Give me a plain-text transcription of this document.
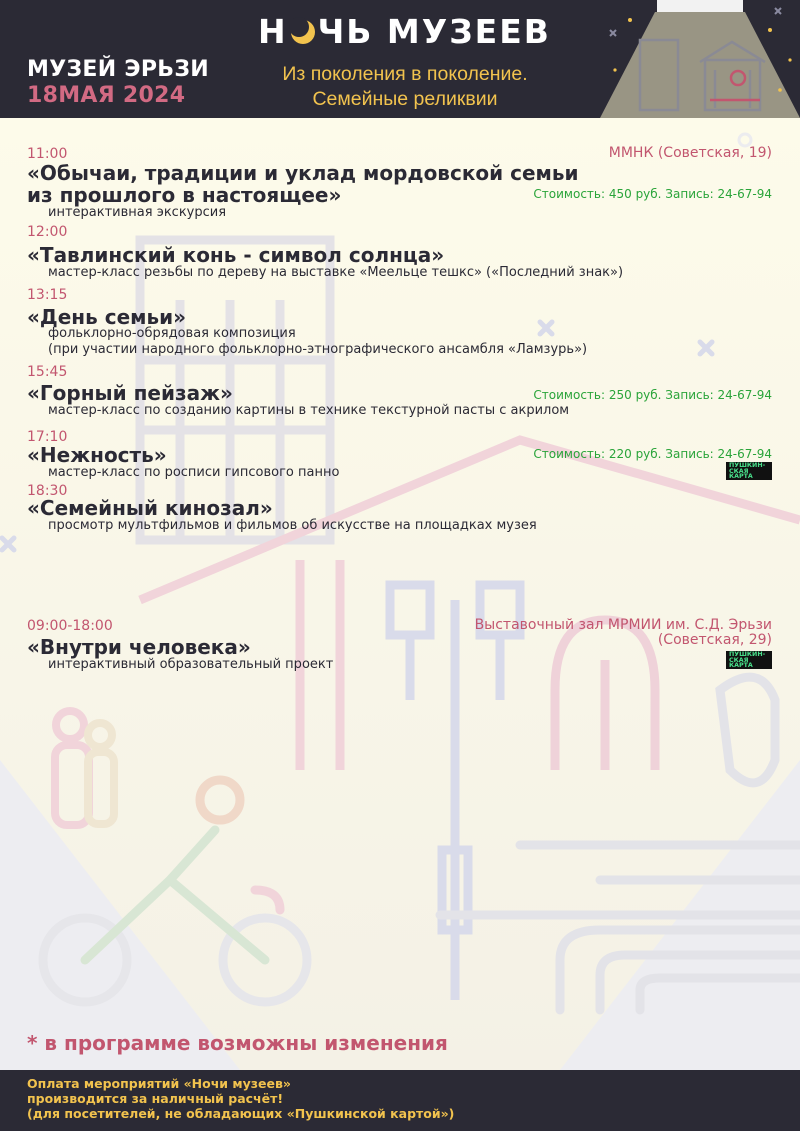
МУЗЕЙ ЭРЬЗИ
18МАЯ 2024
Н ЧЬ МУЗЕЕВ
Из поколения в поколение.
Семейные реликвии
ММНК (Советская, 19)
11:00
«Обычаи, традиции и уклад мордовской семьи
из прошлого в настоящее»	Стоимость: 450 руб. Запись: 24-67-94
интерактивная экскурсия
12:00
«Тавлинский конь - символ солнца»
мастер-класс резьбы по дереву на выставке «Меельце тешкс» («Последний знак»)
13:15
«День семьи»
фольклорно-обрядовая композиция
(при участии народного фольклорно-этнографического ансамбля «Ламзурь»)
15:45
«Горный пейзаж»	Стоимость: 250 руб. Запись: 24-67-94
мастер-класс по созданию картины в технике текстурной пасты с акрилом
17:10
«Нежность»	Стоимость: 220 руб. Запись: 24-67-94
мастер-класс по росписи гипсового панно	ПУШКИН-СКАЯ КАРТА
18:30
«Семейный кинозал»
просмотр мультфильмов и фильмов об искусстве на площадках музея
09:00-18:00	Выставочный зал МРМИИ им. С.Д. Эрьзи
(Советская, 29)
«Внутри человека»
интерактивный образовательный проект
ПУШКИН-СКАЯ КАРТА
* в программе возможны изменения
Оплата мероприятий «Ночи музеев»
производится за наличный расчёт!
(для посетителей, не обладающих «Пушкинской картой»)
